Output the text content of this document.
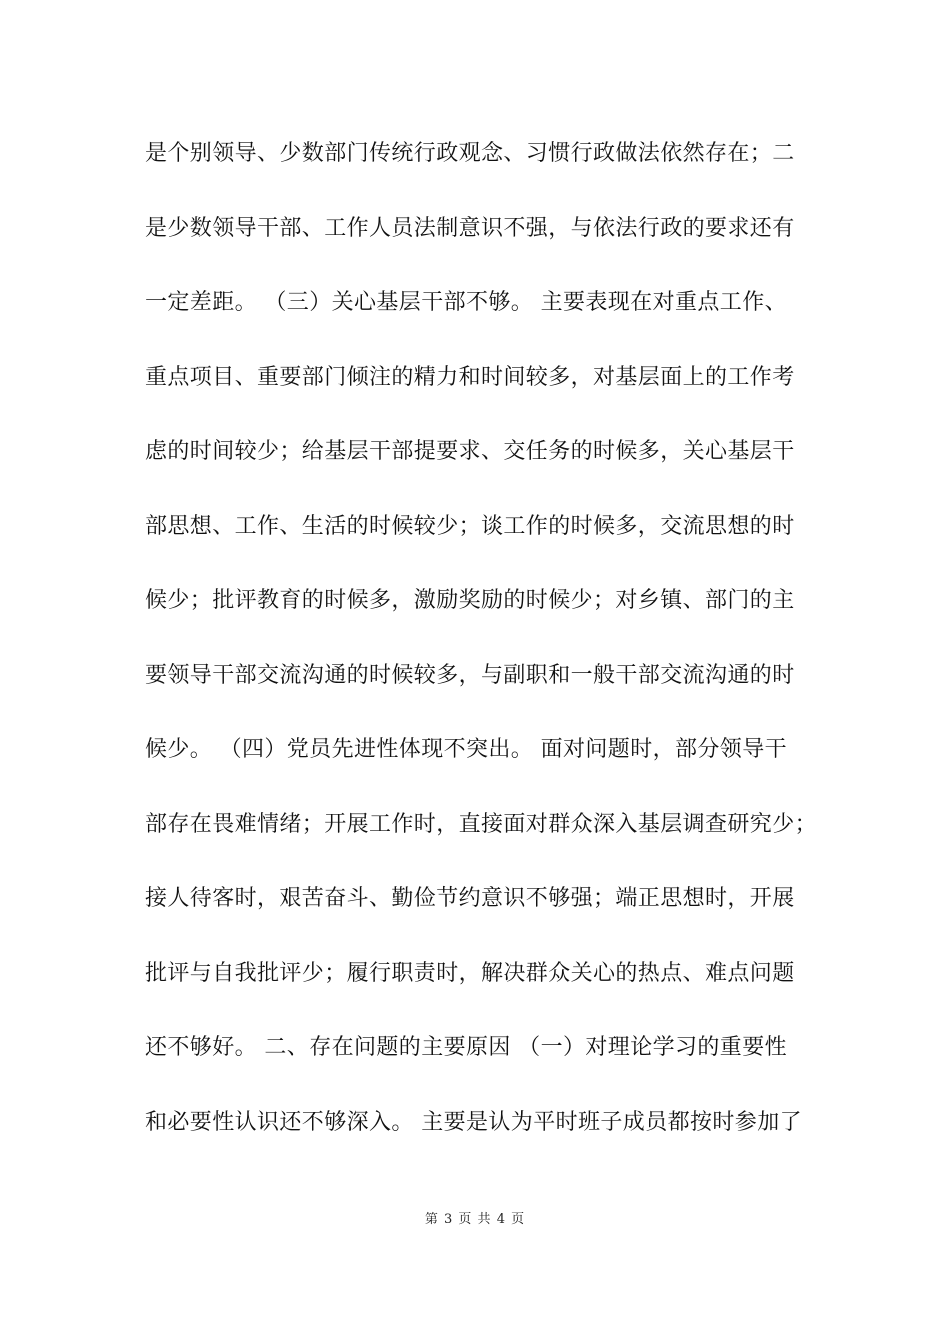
是个别领导、少数部门传统行政观念、习惯行政做法依然存在；二
是少数领导干部、工作人员法制意识不强，与依法行政的要求还有
一定差距。 （三）关心基层干部不够。 主要表现在对重点工作、
重点项目、重要部门倾注的精力和时间较多，对基层面上的工作考
虑的时间较少；给基层干部提要求、交任务的时候多，关心基层干
部思想、工作、生活的时候较少；谈工作的时候多，交流思想的时
候少；批评教育的时候多，激励奖励的时候少；对乡镇、部门的主
要领导干部交流沟通的时候较多，与副职和一般干部交流沟通的时
候少。 （四）党员先进性体现不突出。 面对问题时，部分领导干
部存在畏难情绪；开展工作时，直接面对群众深入基层调查研究少；
接人待客时，艰苦奋斗、勤俭节约意识不够强；端正思想时，开展
批评与自我批评少；履行职责时，解决群众关心的热点、难点问题
还不够好。 二、存在问题的主要原因 （一）对理论学习的重要性
和必要性认识还不够深入。 主要是认为平时班子成员都按时参加了
第 3 页 共 4 页
